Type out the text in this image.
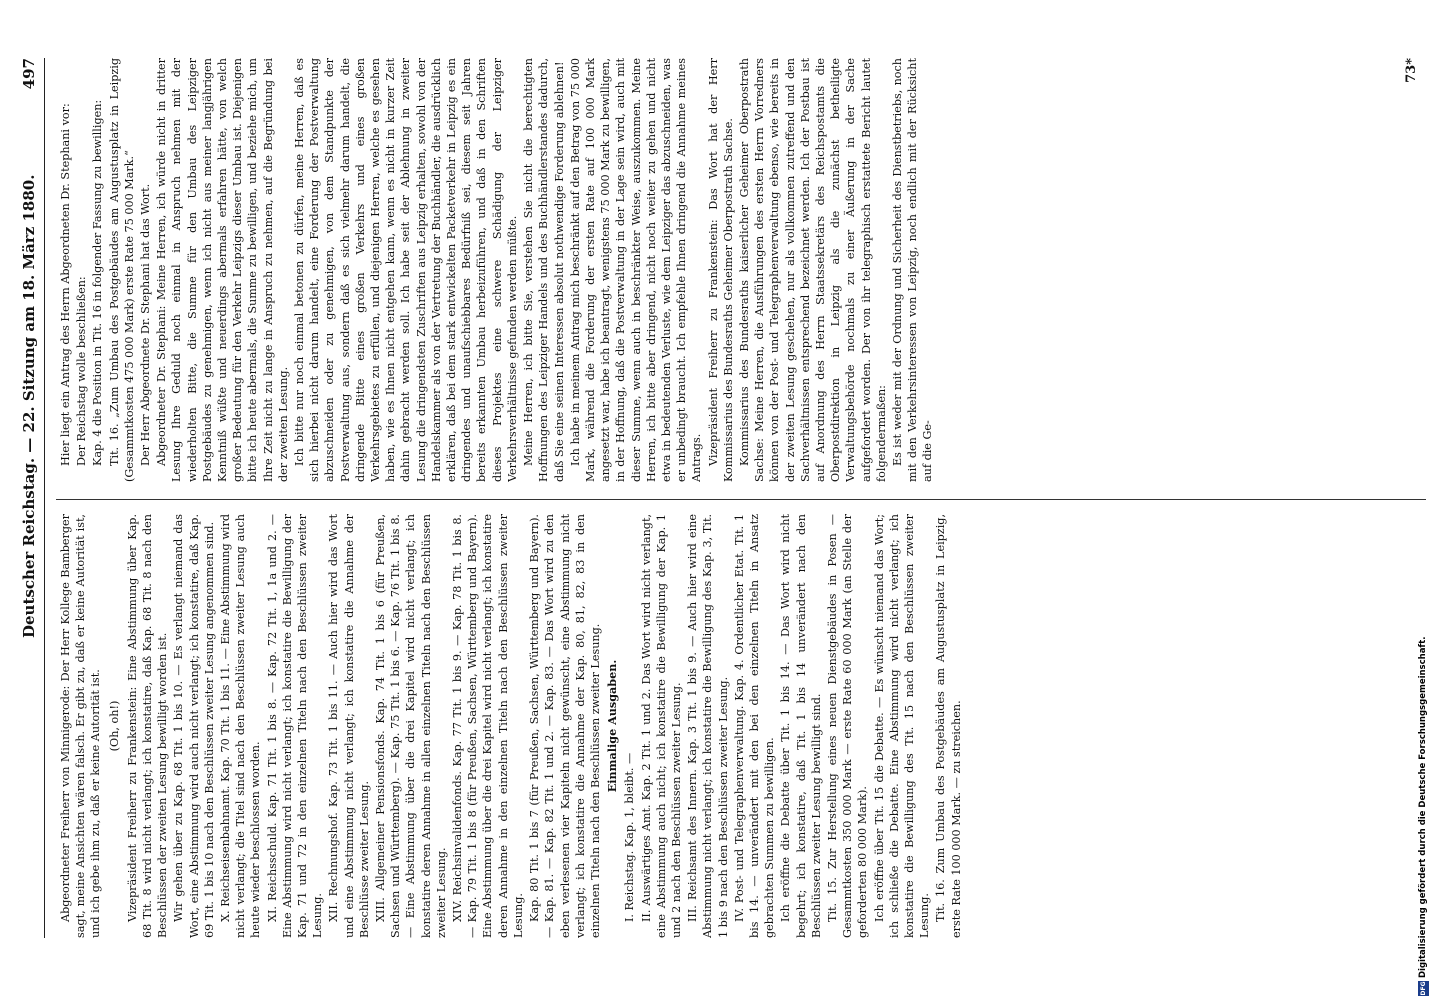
Deutscher Reichstag. — 22. Sitzung am 18. März 1880.
497

Abgeordneter Freiherr von Minnigerode: Der Herr Kollege Bamberger sagt, meine Ansichten wären falsch. Er gibt zu, daß er keine Autorität ist, und ich gebe ihm zu, daß er keine Autorität ist. (Oh, oh!) Vizepräsident Freiherr zu Frankenstein: Eine Abstimmung über Kap. 68 Tit. 8 wird nicht verlangt; ich konstatire, daß Kap. 68 Tit. 8 nach den Beschlüssen der zweiten Lesung bewilligt worden ist. Wir gehen über zu Kap. 68 Tit. 1 bis 10. — Es verlangt niemand das Wort, eine Abstimmung wird auch nicht verlangt; ich konstatire, daß Kap. 69 Tit. 1 bis 10 nach den Beschlüssen zweiter Lesung angenommen sind. X. Reichseisenbahnamt. Kap. 70 Tit. 1 bis 11. — Eine Abstimmung wird nicht verlangt; die Titel sind nach den Beschlüssen zweiter Lesung auch heute wieder beschlossen worden. XI. Reichsschuld. Kap. 71 Tit. 1 bis 8. — Kap. 72 Tit. 1, 1a und 2. — Eine Abstimmung wird nicht verlangt; ich konstatire die Bewilligung der Kap. 71 und 72 in den einzelnen Titeln nach den Beschlüssen zweiter Lesung. XII. Rechnungshof. Kap. 73 Tit. 1 bis 11. — Auch hier wird das Wort und eine Abstimmung nicht verlangt; ich konstatire die Annahme der Beschlüsse zweiter Lesung. XIII. Allgemeiner Pensionsfonds. Kap. 74 Tit. 1 bis 6 (für Preußen, Sachsen und Württemberg). — Kap. 75 Tit. 1 bis 6. — Kap. 76 Tit. 1 bis 8. — Eine Abstimmung über die drei Kapitel wird nicht verlangt; ich konstatire deren Annahme in allen einzelnen Titeln nach den Beschlüssen zweiter Lesung. XIV. Reichsinvalidenfonds. Kap. 77 Tit. 1 bis 9. — Kap. 78 Tit. 1 bis 8. — Kap. 79 Tit. 1 bis 8 (für Preußen, Sachsen, Württemberg und Bayern). Eine Abstimmung über die drei Kapitel wird nicht verlangt; ich konstatire deren Annahme in den einzelnen Titeln nach den Beschlüssen zweiter Lesung. Kap. 80 Tit. 1 bis 7 (für Preußen, Sachsen, Württemberg und Bayern). — Kap. 81. — Kap. 82 Tit. 1 und 2. — Kap. 83. — Das Wort wird zu den eben verlesenen vier Kapiteln nicht gewünscht, eine Abstimmung nicht verlangt; ich konstatire die Annahme der Kap. 80, 81, 82, 83 in den einzelnen Titeln nach den Beschlüssen zweiter Lesung. Einmalige Ausgaben.

I. Reichstag. Kap. 1, bleibt. — II. Auswärtiges Amt. Kap. 2 Tit. 1 und 2. Das Wort wird nicht verlangt, eine Abstimmung auch nicht; ich konstatire die Bewilligung der Kap. 1 und 2 nach den Beschlüssen zweiter Lesung. III. Reichsamt des Innern. Kap. 3 Tit. 1 bis 9. — Auch hier wird eine Abstimmung nicht verlangt; ich konstatire die Bewilligung des Kap. 3, Tit. 1 bis 9 nach den Beschlüssen zweiter Lesung. IV. Post- und Telegraphenverwaltung. Kap. 4. Ordentlicher Etat. Tit. 1 bis 14. — unverändert mit den bei den einzelnen Titeln in Ansatz gebrachten Summen zu bewilligen. Ich eröffne die Debatte über Tit. 1 bis 14. — Das Wort wird nicht begehrt; ich konstatire, daß Tit. 1 bis 14 unverändert nach den Beschlüssen zweiter Lesung bewilligt sind. Tit. 15. Zur Herstellung eines neuen Dienstgebäudes in Posen — Gesammtkosten 350 000 Mark — erste Rate 60 000 Mark (an Stelle der geforderten 80 000 Mark). Ich eröffne über Tit. 15 die Debatte. — Es wünscht niemand das Wort; ich schließe die Debatte. Eine Abstimmung wird nicht verlangt; ich konstatire die Bewilligung des Tit. 15 nach den Beschlüssen zweiter Lesung. Tit. 16. Zum Umbau des Postgebäudes am Augustusplatz in Leipzig, erste Rate 100 000 Mark. — zu streichen.

Hier liegt ein Antrag des Herrn Abgeordneten Dr. Stephani vor: Der Reichstag wolle beschließen: Kap. 4 die Position in Tit. 16 in folgender Fassung zu bewilligen: Tit. 16. „Zum Umbau des Postgebäudes am Augustusplatz in Leipzig (Gesammtkosten 475 000 Mark) erste Rate 75 000 Mark.“ Der Herr Abgeordnete Dr. Stephani hat das Wort. Abgeordneter Dr. Stephani: Meine Herren, ich würde nicht in dritter Lesung Ihre Geduld noch einmal in Anspruch nehmen mit der wiederholten Bitte, die Summe für den Umbau des Leipziger Postgebäudes zu genehmigen, wenn ich nicht aus meiner langjährigen Kenntniß wüßte und neuerdings abermals erfahren hätte, von welch großer Bedeutung für den Verkehr Leipzigs dieser Umbau ist. Diejenigen bitte ich heute abermals, die Summe zu bewilligen, und beziehe mich, um Ihre Zeit nicht zu lange in Anspruch zu nehmen, auf die Begründung bei der zweiten Lesung. Ich bitte nur noch einmal betonen zu dürfen, meine Herren, daß es sich hierbei nicht darum handelt, eine Forderung der Postverwaltung abzuschneiden oder zu genehmigen, von dem Standpunkte der Postverwaltung aus, sondern daß es sich vielmehr darum handelt, die dringende Bitte eines großen Verkehrs und eines großen Verkehrsgebietes zu erfüllen, und diejenigen Herren, welche es gesehen haben, wie es Ihnen nicht entgehen kann, wenn es nicht in kurzer Zeit dahin gebracht werden soll. Ich habe seit der Ablehnung in zweiter Lesung die dringendsten Zuschriften aus Leipzig erhalten, sowohl von der Handelskammer als von der Vertretung der Buchhändler, die ausdrücklich erklären, daß bei dem stark entwickelten Packetverkehr in Leipzig es ein dringendes und unaufschiebbares Bedürfniß sei, diesem seit Jahren bereits erkannten Umbau herbeizuführen, und daß in den Schriften dieses Projektes eine schwere Schädigung der Leipziger Verkehrsverhältnisse gefunden werden müßte. Meine Herren, ich bitte Sie, verstehen Sie nicht die berechtigten Hoffnungen des Leipziger Handels und des Buchhändlerstandes dadurch, daß Sie eine seinen Interessen absolut nothwendige Forderung ablehnen! Ich habe in meinem Antrag mich beschränkt auf den Betrag von 75 000 Mark, während die Forderung der ersten Rate auf 100 000 Mark angesetzt war, habe ich beantragt, wenigstens 75 000 Mark zu bewilligen, in der Hoffnung, daß die Postverwaltung in der Lage sein wird, auch mit dieser Summe, wenn auch in beschränkter Weise, auszukommen. Meine Herren, ich bitte aber dringend, nicht noch weiter zu gehen und nicht etwa in bedeutenden Verluste, wie dem Leipziger das abzuschneiden, was er unbedingt braucht. Ich empfehle Ihnen dringend die Annahme meines Antrags. Vizepräsident Freiherr zu Frankenstein: Das Wort hat der Herr Kommissarius des Bundesraths Geheimer Oberpostrath Sachse. Kommissarius des Bundesraths kaiserlicher Geheimer Oberpostrath Sachse: Meine Herren, die Ausführungen des ersten Herrn Vorredners können von der Post- und Telegraphenverwaltung ebenso, wie bereits in der zweiten Lesung geschehen, nur als vollkommen zutreffend und den Sachverhältnissen entsprechend bezeichnet werden. Ich der Postbau ist auf Anordnung des Herrn Staatssekretärs des Reichspostamts die Oberpostdirektion in Leipzig als die zunächst betheiligte Verwaltungsbehörde nochmals zu einer Äußerung in der Sache aufgefordert worden. Der von ihr telegraphisch erstattete Bericht lautet folgendermaßen: Es ist weder mit der Ordnung und Sicherheit des Dienstbetriebs, noch mit den Verkehrsinteressen von Leipzig, noch endlich mit der Rücksicht auf die Ge-

73*
DFG
Digitalisierung gefördert durch die Deutsche Forschungsgemeinschaft.
